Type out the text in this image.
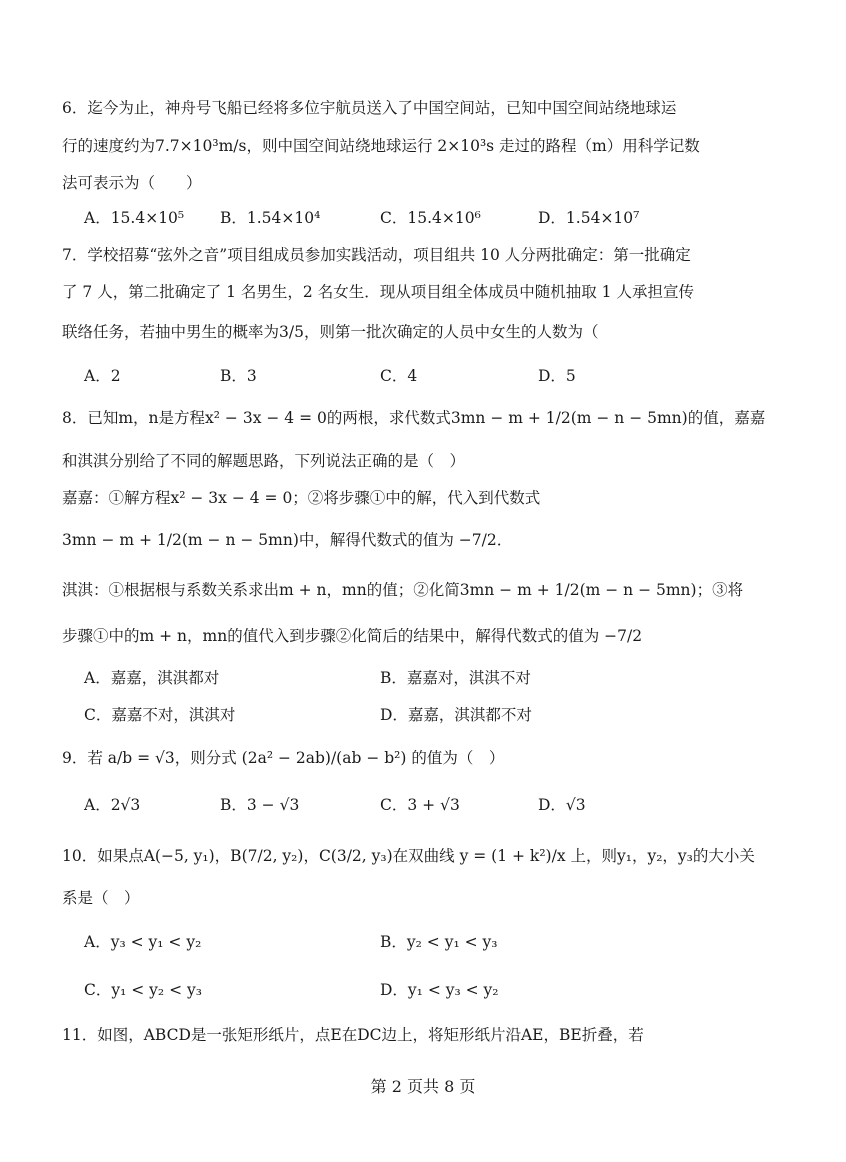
6．迄今为止，神舟号飞船已经将多位宇航员送入了中国空间站，已知中国空间站绕地球运
行的速度约为7.7×10³m/s，则中国空间站绕地球运行 2×10³s 走过的路程（m）用科学记数
法可表示为（　　）
A．15.4×10⁵ B．1.54×10⁴	C．15.4×10⁶	D．1.54×10⁷
7．学校招募“弦外之音”项目组成员参加实践活动，项目组共 10 人分两批确定：第一批确定
了 7 人，第二批确定了 1 名男生，2 名女生．现从项目组全体成员中随机抽取 1 人承担宣传
联络任务，若抽中男生的概率为3/5，则第一批次确定的人员中女生的人数为（
A．2	B．3	C．4	D．5
8．已知m，n是方程x² − 3x − 4 = 0的两根，求代数式3mn − m + 1/2(m − n − 5mn)的值，嘉嘉
和淇淇分别给了不同的解题思路，下列说法正确的是（　）
嘉嘉：①解方程x² − 3x − 4 = 0；②将步骤①中的解，代入到代数式
3mn − m + 1/2(m − n − 5mn)中，解得代数式的值为 −7/2．
淇淇：①根据根与系数关系求出m + n，mn的值；②化简3mn − m + 1/2(m − n − 5mn)；③将
步骤①中的m + n，mn的值代入到步骤②化简后的结果中，解得代数式的值为 −7/2
A．嘉嘉，淇淇都对	B．嘉嘉对，淇淇不对
C．嘉嘉不对，淇淇对	D．嘉嘉，淇淇都不对
9．若 a/b = √3，则分式 (2a² − 2ab)/(ab − b²) 的值为（　）
A．2√3	B．3 − √3	C．3 + √3	D．√3
10．如果点A(−5, y₁)，B(7/2, y₂)，C(3/2, y₃)在双曲线 y = (1 + k²)/x 上，则y₁，y₂，y₃的大小关
系是（　）
A．y₃ < y₁ < y₂	B．y₂ < y₁ < y₃
C．y₁ < y₂ < y₃	D．y₁ < y₃ < y₂
11．如图，ABCD是一张矩形纸片，点E在DC边上，将矩形纸片沿AE，BE折叠，若
第 2 页共 8 页
